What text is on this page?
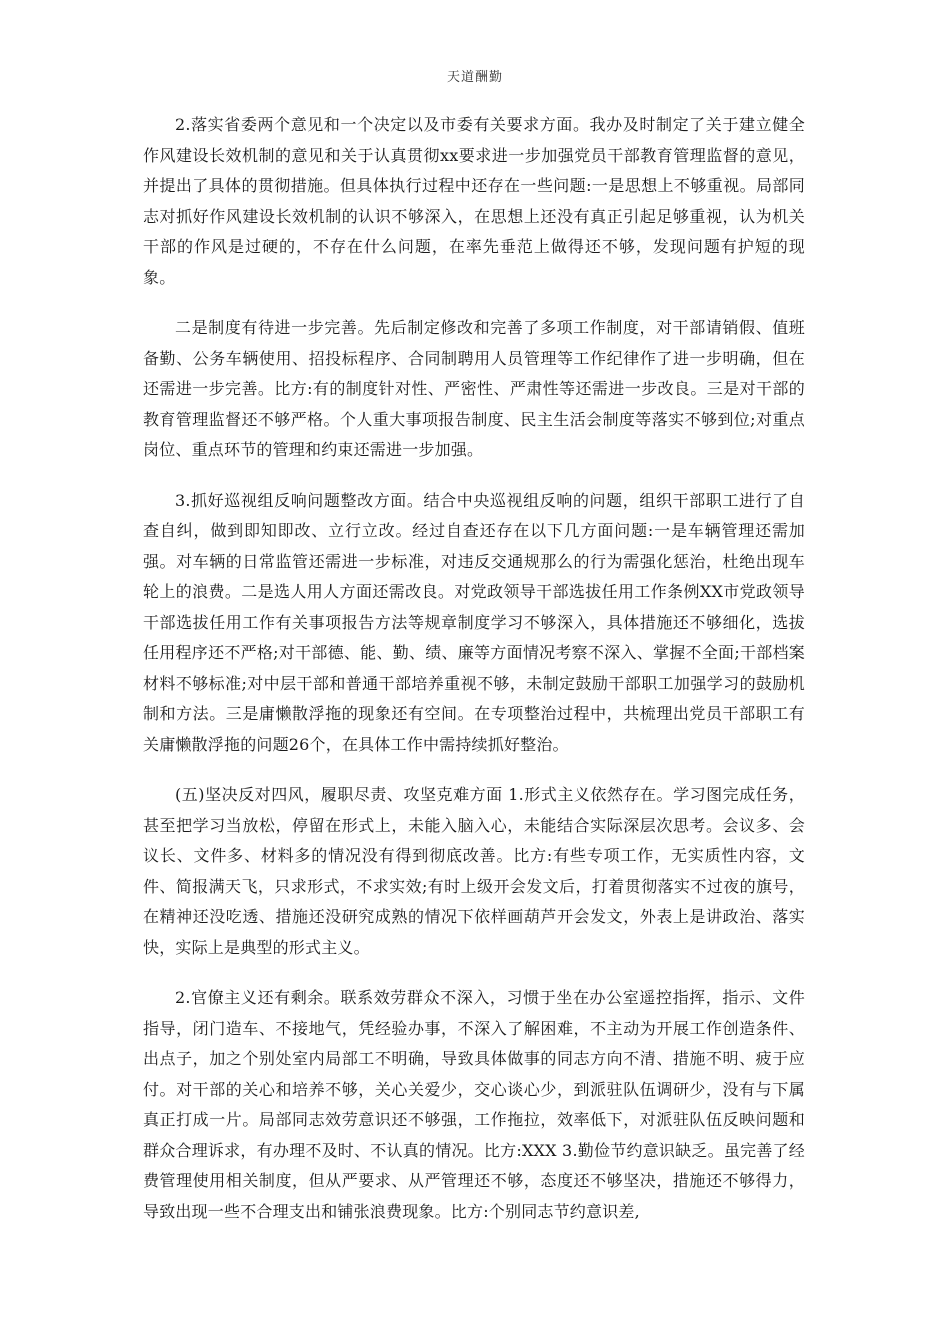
天道酬勤

2.落实省委两个意见和一个决定以及市委有关要求方面。我办及时制定了关于建立健全作风建设长效机制的意见和关于认真贯彻xx要求进一步加强党员干部教育管理监督的意见，并提出了具体的贯彻措施。但具体执行过程中还存在一些问题:一是思想上不够重视。局部同志对抓好作风建设长效机制的认识不够深入，在思想上还没有真正引起足够重视，认为机关干部的作风是过硬的，不存在什么问题，在率先垂范上做得还不够，发现问题有护短的现象。

二是制度有待进一步完善。先后制定修改和完善了多项工作制度，对干部请销假、值班备勤、公务车辆使用、招投标程序、合同制聘用人员管理等工作纪律作了进一步明确，但在还需进一步完善。比方:有的制度针对性、严密性、严肃性等还需进一步改良。三是对干部的教育管理监督还不够严格。个人重大事项报告制度、民主生活会制度等落实不够到位;对重点岗位、重点环节的管理和约束还需进一步加强。

3.抓好巡视组反响问题整改方面。结合中央巡视组反响的问题，组织干部职工进行了自查自纠，做到即知即改、立行立改。经过自查还存在以下几方面问题:一是车辆管理还需加强。对车辆的日常监管还需进一步标准，对违反交通规那么的行为需强化惩治，杜绝出现车轮上的浪费。二是选人用人方面还需改良。对党政领导干部选拔任用工作条例XX市党政领导干部选拔任用工作有关事项报告方法等规章制度学习不够深入，具体措施还不够细化，选拔任用程序还不严格;对干部德、能、勤、绩、廉等方面情况考察不深入、掌握不全面;干部档案材料不够标准;对中层干部和普通干部培养重视不够，未制定鼓励干部职工加强学习的鼓励机制和方法。三是庸懒散浮拖的现象还有空间。在专项整治过程中，共梳理出党员干部职工有关庸懒散浮拖的问题26个，在具体工作中需持续抓好整治。

(五)坚决反对四风，履职尽责、攻坚克难方面 1.形式主义依然存在。学习图完成任务，甚至把学习当放松，停留在形式上，未能入脑入心，未能结合实际深层次思考。会议多、会议长、文件多、材料多的情况没有得到彻底改善。比方:有些专项工作，无实质性内容，文件、简报满天飞，只求形式，不求实效;有时上级开会发文后，打着贯彻落实不过夜的旗号，在精神还没吃透、措施还没研究成熟的情况下依样画葫芦开会发文，外表上是讲政治、落实快，实际上是典型的形式主义。

2.官僚主义还有剩余。联系效劳群众不深入，习惯于坐在办公室遥控指挥，指示、文件指导，闭门造车、不接地气，凭经验办事，不深入了解困难，不主动为开展工作创造条件、出点子，加之个别处室内局部工不明确，导致具体做事的同志方向不清、措施不明、疲于应付。对干部的关心和培养不够，关心关爱少，交心谈心少，到派驻队伍调研少，没有与下属真正打成一片。局部同志效劳意识还不够强，工作拖拉，效率低下，对派驻队伍反映问题和群众合理诉求，有办理不及时、不认真的情况。比方:XXX 3.勤俭节约意识缺乏。虽完善了经费管理使用相关制度，但从严要求、从严管理还不够，态度还不够坚决，措施还不够得力，导致出现一些不合理支出和铺张浪费现象。比方:个别同志节约意识差,
